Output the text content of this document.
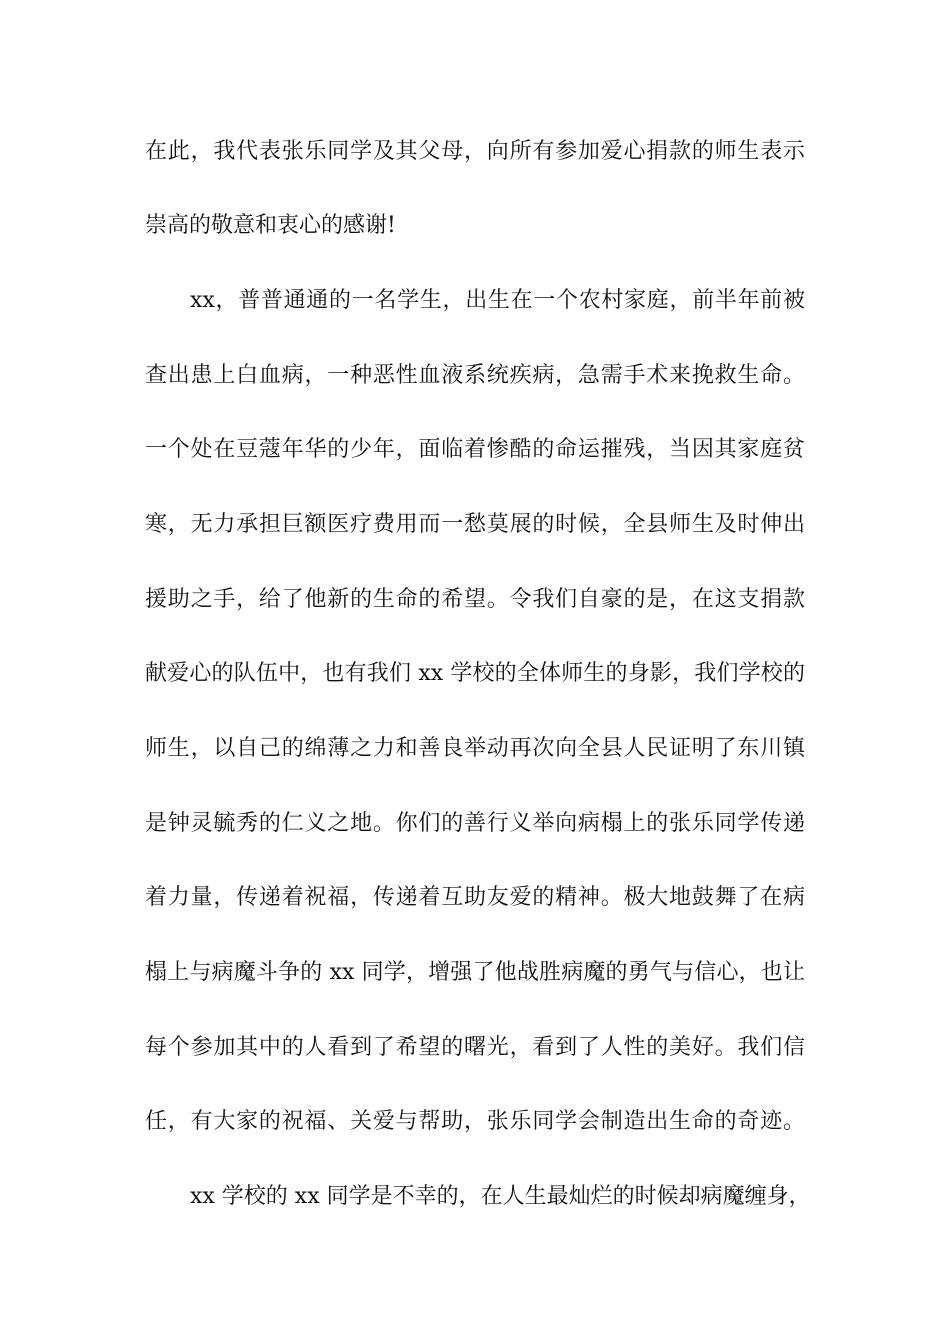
在此，我代表张乐同学及其父母，向所有参加爱心捐款的师生表示
崇高的敬意和衷心的感谢!
xx，普普通通的一名学生，出生在一个农村家庭，前半年前被
查出患上白血病，一种恶性血液系统疾病，急需手术来挽救生命。
一个处在豆蔻年华的少年，面临着惨酷的命运摧残，当因其家庭贫
寒，无力承担巨额医疗费用而一愁莫展的时候，全县师生及时伸出
援助之手，给了他新的生命的希望。令我们自豪的是，在这支捐款
献爱心的队伍中，也有我们 xx 学校的全体师生的身影，我们学校的
师生，以自己的绵薄之力和善良举动再次向全县人民证明了东川镇
是钟灵毓秀的仁义之地。你们的善行义举向病榻上的张乐同学传递
着力量，传递着祝福，传递着互助友爱的精神。极大地鼓舞了在病
榻上与病魔斗争的 xx 同学，增强了他战胜病魔的勇气与信心，也让
每个参加其中的人看到了希望的曙光，看到了人性的美好。我们信
任，有大家的祝福、关爱与帮助，张乐同学会制造出生命的奇迹。
xx 学校的 xx 同学是不幸的，在人生最灿烂的时候却病魔缠身，
